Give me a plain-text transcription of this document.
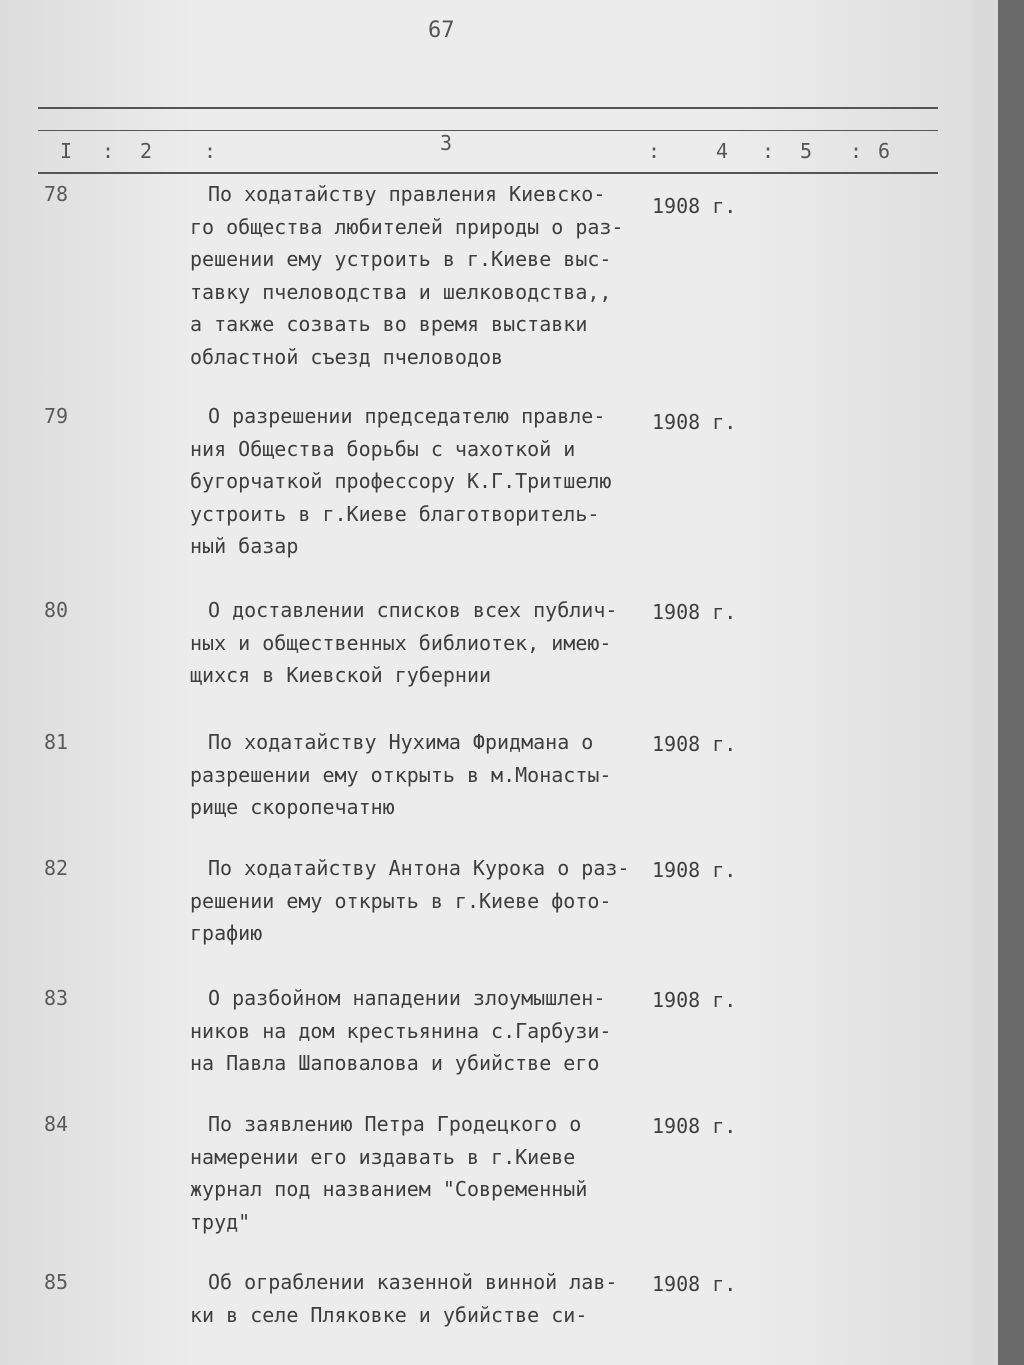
67
I : 2	:	3	:	4 : 5 : 6
78	По ходатайству правления Киевско-
го общества любителей природы о раз-
решении ему устроить в г.Киеве выс-
тавку пчеловодства и шелководства,,
а также созвать во время выставки
областной съезд пчеловодов
1908 г.
79	О разрешении председателю правле-
ния Общества борьбы с чахоткой и
бугорчаткой профессору К.Г.Тритшелю
устроить в г.Киеве благотворитель-
ный базар
1908 г.
80	О доставлении списков всех публич-
ных и общественных библиотек, имею-
щихся в Киевской губернии
1908 г.
81	По ходатайству Нухима Фридмана о
разрешении ему открыть в м.Монасты-
рище скоропечатню
1908 г.
82	По ходатайству Антона Курока о раз-
решении ему открыть в г.Киеве фото-
графию
1908 г.
83	О разбойном нападении злоумышлен-
ников на дом крестьянина с.Гарбузи-
на Павла Шаповалова и убийстве его
1908 г.
84	По заявлению Петра Гродецкого о
намерении его издавать в г.Киеве
журнал под названием "Современный
труд"
1908 г.
85	Об ограблении казенной винной лав-
ки в селе Пляковке и убийстве си-
1908 г.
